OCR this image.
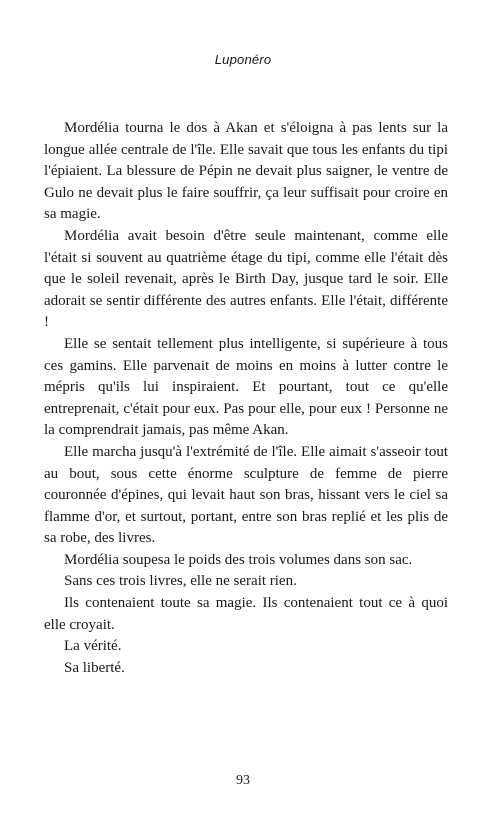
Luponéro

Mordélia tourna le dos à Akan et s'éloigna à pas lents sur la longue allée centrale de l'île. Elle savait que tous les enfants du tipi l'épiaient. La blessure de Pépin ne devait plus saigner, le ventre de Gulo ne devait plus le faire souffrir, ça leur suffisait pour croire en sa magie.

Mordélia avait besoin d'être seule maintenant, comme elle l'était si souvent au quatrième étage du tipi, comme elle l'était dès que le soleil revenait, après le Birth Day, jusque tard le soir. Elle adorait se sentir différente des autres enfants. Elle l'était, différente !

Elle se sentait tellement plus intelligente, si supérieure à tous ces gamins. Elle parvenait de moins en moins à lutter contre le mépris qu'ils lui inspiraient. Et pourtant, tout ce qu'elle entreprenait, c'était pour eux. Pas pour elle, pour eux ! Personne ne la comprendrait jamais, pas même Akan.

Elle marcha jusqu'à l'extrémité de l'île. Elle aimait s'asseoir tout au bout, sous cette énorme sculpture de femme de pierre couronnée d'épines, qui levait haut son bras, hissant vers le ciel sa flamme d'or, et surtout, portant, entre son bras replié et les plis de sa robe, des livres.

Mordélia soupesa le poids des trois volumes dans son sac.

Sans ces trois livres, elle ne serait rien.

Ils contenaient toute sa magie. Ils contenaient tout ce à quoi elle croyait.

La vérité.

Sa liberté.

93
